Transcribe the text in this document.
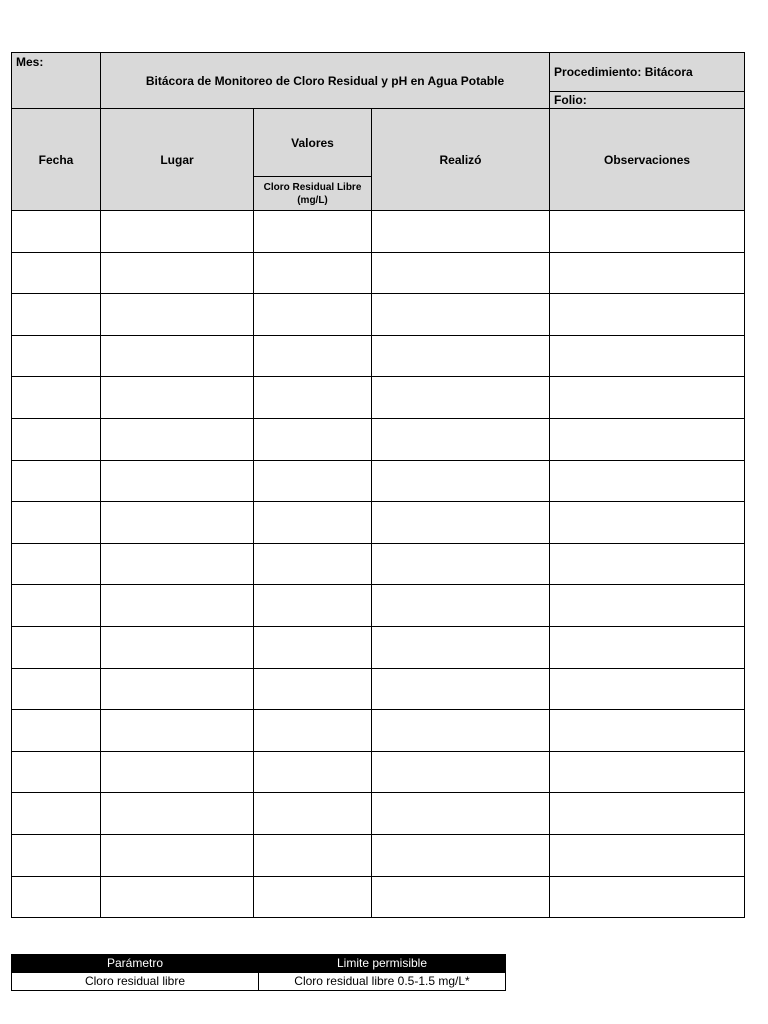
Mes:	Bitácora de Monitoreo de Cloro Residual y pH en Agua Potable			Procedimiento: Bitácora
				Folio:
Fecha	Lugar	Valores	Realizó	Observaciones
		Cloro Residual Libre (mg/L)		

Parámetro	Limite permisible
Cloro residual libre	Cloro residual libre 0.5-1.5 mg/L*
